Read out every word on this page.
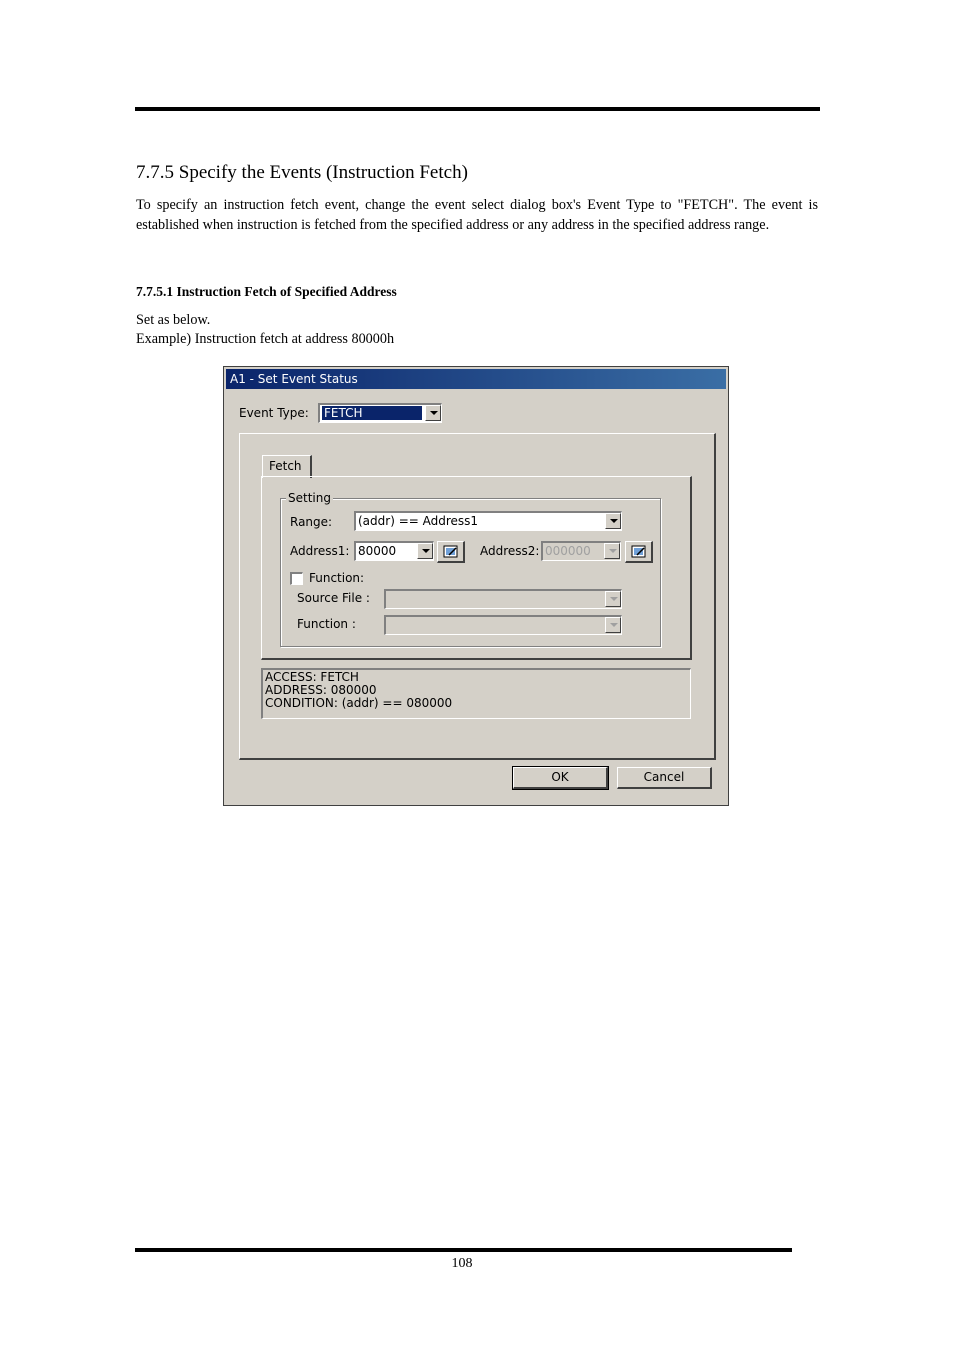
7.7.5 Specify the Events (Instruction Fetch)

To specify an instruction fetch event, change the event select dialog box's Event Type to "FETCH". The event is established when instruction is fetched from the specified address or any address in the specified address range.

7.7.5.1 Instruction Fetch of Specified Address

Set as below.

Example) Instruction fetch at address 80000h

A1 - Set Event Status
Event Type: FETCH
Fetch
Setting
Range: (addr) == Address1
Address1: 80000	Address2: 000000
Function:
Source File :
Function :
ACCESS: FETCH
ADDRESS: 080000
CONDITION: (addr) == 080000
OK	Cancel
108
